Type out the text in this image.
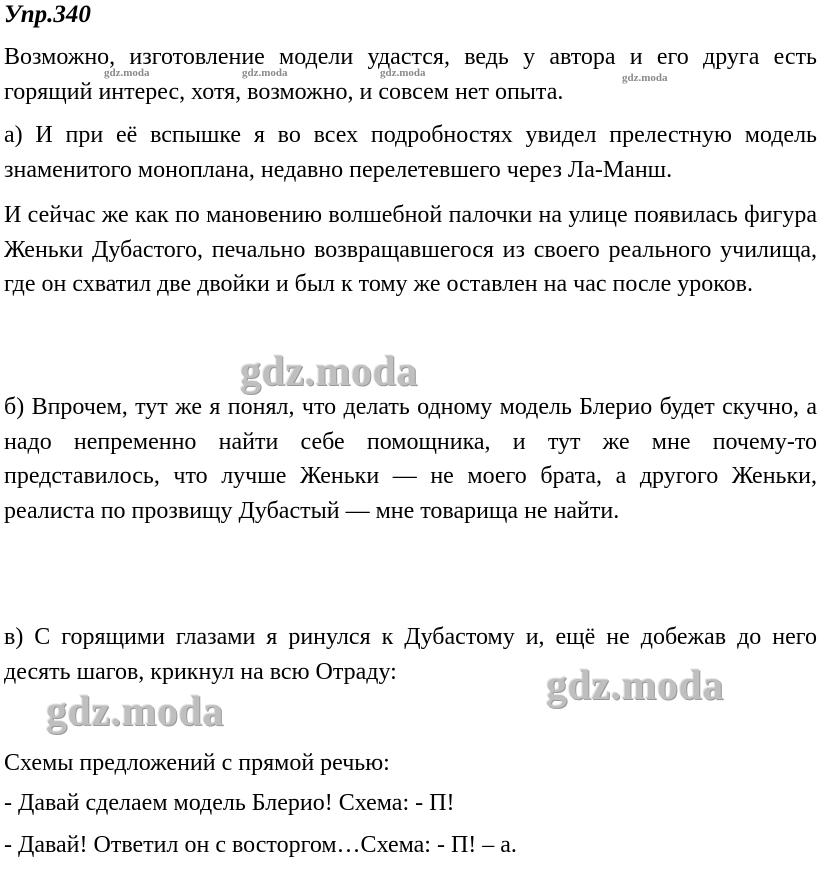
Упр.340

Возможно, изготовление модели удастся, ведь у автора и его друга есть горящий интерес, хотя, возможно, и совсем нет опыта.

а) И при её вспышке я во всех подробностях увидел прелестную модель знаменитого моноплана, недавно перелетевшего через Ла-Манш.

И сейчас же как по мановению волшебной палочки на улице появилась фигура Женьки Дубастого, печально возвращавшегося из своего реального училища, где он схватил две двойки и был к тому же оставлен на час после уроков.

б) Впрочем, тут же я понял, что делать одному модель Блерио будет скучно, а надо непременно найти себе помощника, и тут же мне почему-то представилось, что лучше Женьки — не моего брата, а другого Женьки, реалиста по прозвищу Дубастый — мне товарища не найти.

в) С горящими глазами я ринулся к Дубастому и, ещё не добежав до него десять шагов, крикнул на всю Отраду:

Схемы предложений с прямой речью:
- Давай сделаем модель Блерио! Схема: - П!
- Давай! Ответил он с восторгом…Схема: - П! – а.
gdz.moda	gdz.moda	gdz.moda	gdz.moda
gdz.moda
gdz.moda
gdz.moda
